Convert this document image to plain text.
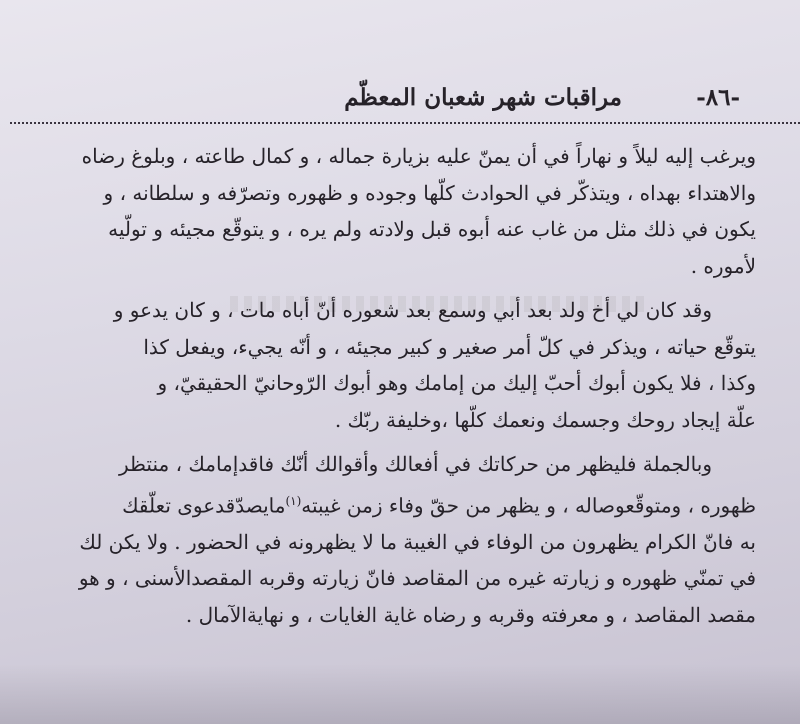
-٨٦-
مراقبات شهر شعبان المعظّم

ويرغب إليه ليلاً و نهاراً في أن يمنّ عليه بزيارة جماله ، و كمال طاعته ، وبلوغ رضاه
والاهتداء بهداه ، ويتذكّر في الحوادث كلّها وجوده و ظهوره وتصرّفه و سلطانه ، و
يكون في ذلك مثل من غاب عنه أبوه قبل ولادته ولم يره ، و يتوقّع مجيئه و تولّيه
لأموره .

وقد كان لي أخ ولد بعد أبي وسمع بعد شعوره أنّ أباه مات ، و كان يدعو و
يتوقّع حياته ، ويذكر في كلّ أمر صغير و كبير مجيئه ، و أنّه يجيء، ويفعل كذا
وكذا ، فلا يكون أبوك أحبّ إليك من إمامك وهو أبوك الرّوحانيّ الحقيقيّ، و
علّة إيجاد روحك وجسمك ونعمك كلّها ،وخليفة ربّك .

وبالجملة فليظهر من حركاتك في أفعالك وأقوالك أنّك فاقدإمامك ، منتظر
ظهوره ، ومتوقّعوصاله ، و يظهر من حقّ وفاء زمن غيبته$^{(١)}$مايصدّقدعوى تعلّقك
به فانّ الكرام يظهرون من الوفاء في الغيبة ما لا يظهرونه في الحضور . ولا يكن لك
في تمنّي ظهوره و زيارته غيره من المقاصد فانّ زيارته وقربه المقصدالأسنى ، و هو
مقصد المقاصد ، و معرفته وقربه و رضاه غاية الغايات ، و نهايةالآمال .
